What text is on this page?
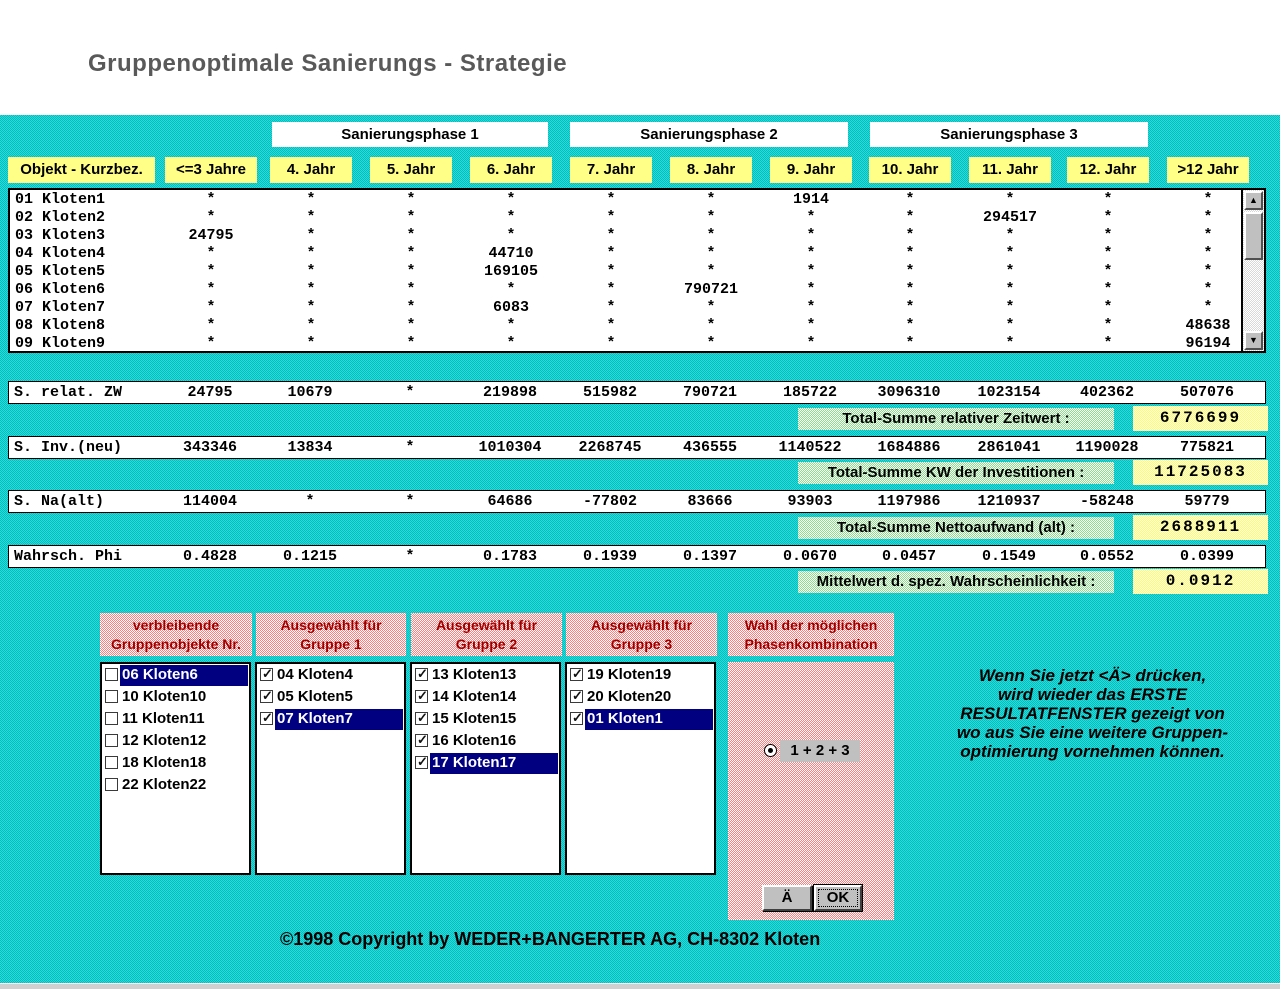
Gruppenoptimale Sanierungs - Strategie
Sanierungsphase 1	Sanierungsphase 2	Sanierungsphase 3
Objekt - Kurzbez.	<=3 Jahre	4. Jahr	5. Jahr	6. Jahr	7. Jahr	8. Jahr	9. Jahr	10. Jahr	11. Jahr	12. Jahr	>12 Jahr
01 Kloten1	*	*	*	*	*	*	1914	*	*	*	*
02 Kloten2	*	*	*	*	*	*	*	*	294517	*	*
03 Kloten3	24795	*	*	*	*	*	*	*	*	*	*
04 Kloten4	*	*	*	44710	*	*	*	*	*	*	*
05 Kloten5	*	*	*	169105	*	*	*	*	*	*	*
06 Kloten6	*	*	*	*	*	790721	*	*	*	*	*
07 Kloten7	*	*	*	6083	*	*	*	*	*	*	*
08 Kloten8	*	*	*	*	*	*	*	*	*	*	48638
09 Kloten9	*	*	*	*	*	*	*	*	*	*	96194
▲
▼
S. relat. ZW	24795	10679	*	219898	515982	790721	185722	3096310 1023154	402362	507076
Total-Summe relativer Zeitwert :	6776699
S. Inv.(neu)	343346	13834	*	1010304 2268745	436555	1140522 1684886 2861041 1190028	775821
Total-Summe KW der Investitionen :	11725083
S. Na(alt)	114004	*	*	64686	-77802	83666	93903	1197986 1210937	-58248	59779
Total-Summe Nettoaufwand (alt) :	2688911
Wahrsch. Phi	0.4828	0.1215	*	0.1783	0.1939	0.1397	0.0670	0.0457	0.1549	0.0552	0.0399
Mittelwert d. spez. Wahrscheinlichkeit :	0.0912
verbleibende
Gruppenobjekte Nr.
Ausgewählt für
Gruppe 1
Ausgewählt für
Gruppe 2
Ausgewählt für
Gruppe 3
Wahl der möglichen
Phasenkombination
06 Kloten6
10 Kloten10
11 Kloten11
12 Kloten12
18 Kloten18
22 Kloten22
✓
04 Kloten4
✓
05 Kloten5
✓
07 Kloten7
✓
13 Kloten13
✓
14 Kloten14
✓
15 Kloten15
✓
16 Kloten16
✓
17 Kloten17
✓
19 Kloten19
✓
20 Kloten20
✓
01 Kloten1
1 + 2 + 3
Ä	OK
Wenn Sie jetzt <Ä> drücken,
wird wieder das ERSTE
RESULTATFENSTER gezeigt von
wo aus Sie eine weitere Gruppen-
optimierung vornehmen können.
©1998 Copyright by WEDER+BANGERTER AG, CH-8302 Kloten
